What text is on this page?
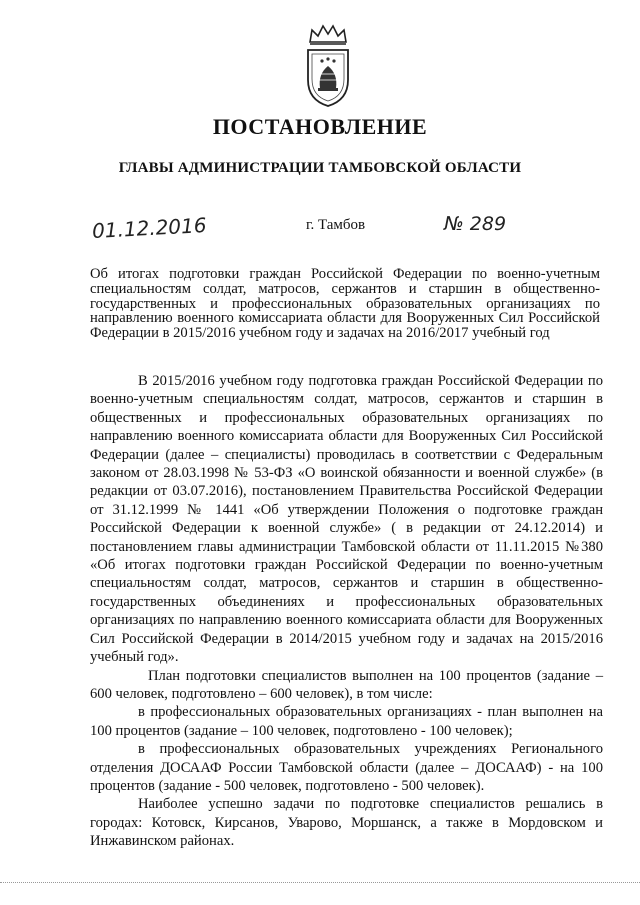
ПОСТАНОВЛЕНИЕ
ГЛАВЫ АДМИНИСТРАЦИИ ТАМБОВСКОЙ ОБЛАСТИ
01.12.2016	г. Тамбов	№ 289
Об итогах подготовки граждан Российской Федерации по военно-учетным специальностям солдат, матросов, сержантов и старшин в общественно-государственных и профессиональных образовательных организациях по направлению военного комиссариата области для Вооруженных Сил Российской Федерации в 2015/2016 учебном году и задачах на 2016/2017 учебный год

В 2015/2016 учебном году подготовка граждан Российской Федерации по военно-учетным специальностям солдат, матросов, сержантов и старшин в общественных и профессиональных образовательных организациях по направлению военного комиссариата области для Вооруженных Сил Российской Федерации (далее – специалисты) проводилась в соответствии с Федеральным законом от 28.03.1998 № 53-ФЗ «О воинской обязанности и военной службе» (в редакции от 03.07.2016), постановлением Правительства Российской Федерации от 31.12.1999 № 1441 «Об утверждении Положения о подготовке граждан Российской Федерации к военной службе» ( в редакции от 24.12.2014) и постановлением главы администрации Тамбовской области от 11.11.2015 №380 «Об итогах подготовки граждан Российской Федерации по военно-учетным специальностям солдат, матросов, сержантов и старшин в общественно-государственных объединениях и профессиональных образовательных организациях по направлению военного комиссариата области для Вооруженных Сил Российской Федерации в 2014/2015 учебном году и задачах на 2015/2016 учебный год».

План подготовки специалистов выполнен на 100 процентов (задание – 600 человек, подготовлено – 600 человек), в том числе:

в профессиональных образовательных организациях - план выполнен на 100 процентов (задание – 100 человек, подготовлено - 100 человек);

в профессиональных образовательных учреждениях Регионального отделения ДОСААФ России Тамбовской области (далее – ДОСААФ) - на 100 процентов (задание - 500 человек, подготовлено - 500 человек).

Наиболее успешно задачи по подготовке специалистов решались в городах: Котовск, Кирсанов, Уварово, Моршанск, а также в Мордовском и Инжавинском районах.
